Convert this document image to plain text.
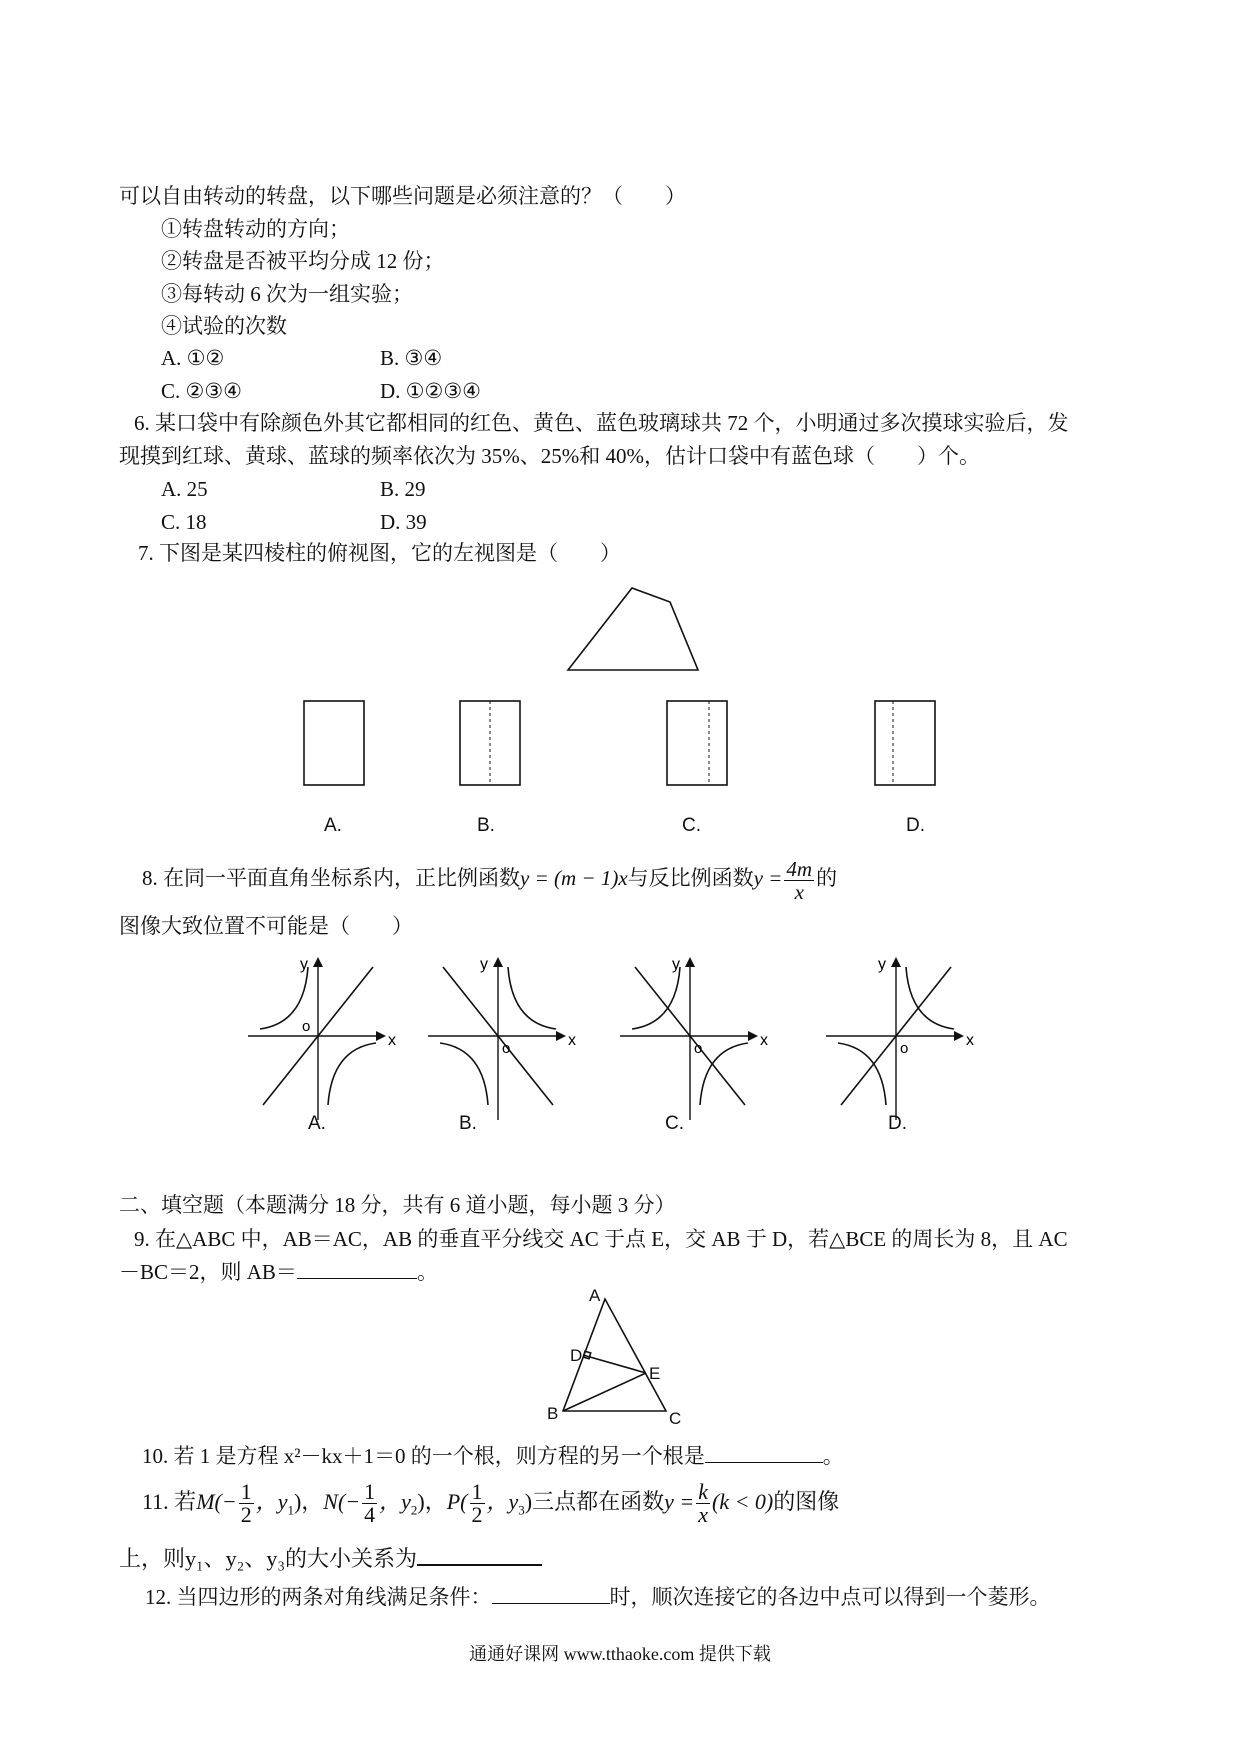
可以自由转动的转盘，以下哪些问题是必须注意的？（　　）
①转盘转动的方向；
②转盘是否被平均分成 12 份；
③每转动 6 次为一组实验；
④试验的次数
A. ①②	B. ③④
C. ②③④	D. ①②③④
6. 某口袋中有除颜色外其它都相同的红色、黄色、蓝色玻璃球共 72 个，小明通过多次摸球实验后，发
现摸到红球、黄球、蓝球的频率依次为 35%、25%和 40%，估计口袋中有蓝色球（　　）个。
A. 25	B. 29
C. 18	D. 39
7. 下图是某四棱柱的俯视图，它的左视图是（　　）
A.	B.	C.	D.
8. 在同一平面直角坐标系内，正比例函数y = (m − 1)x与反比例函数$y = \frac{4m}{x}$ 的
图像大致位置不可能是（　　）
x
y
o
x
y
o	x
y
o	x
y
o
A.	B.	C.	D.
二、填空题（本题满分 18 分，共有 6 道小题，每小题 3 分）
9. 在△ABC 中，AB＝AC，AB 的垂直平分线交 AC 于点 E，交 AB 于 D，若△BCE 的周长为 8，且 AC
－BC＝2，则 AB＝	。
A
B	C
D
E
10. 若 1 是方程 x²－kx＋1＝0 的一个根，则方程的另一个根是	。
11. 若$M(- \frac{1}{2}$ ，$y_1$)，$N(- \frac{1}{4}$ ，$y_2$)，$P( \frac{1}{2}$ ，$y_3$)三点都在函数$y = \frac{k}{x} (k < 0)$的图像
上，则y₁、y₂、y₃的大小关系为
12. 当四边形的两条对角线满足条件：	时，顺次连接它的各边中点可以得到一个菱形。
通通好课网 www.tthaoke.com 提供下载
